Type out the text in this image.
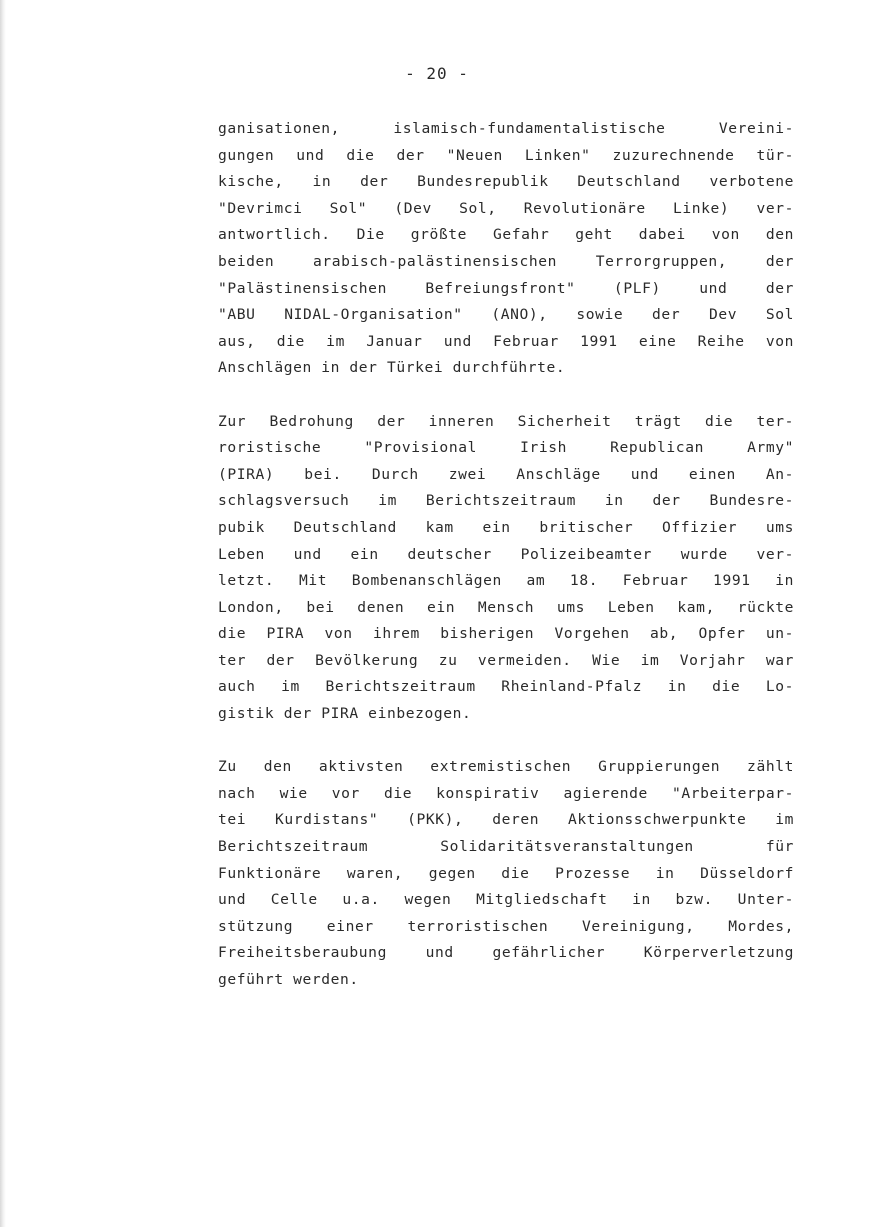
- 20 -
ganisationen, islamisch-fundamentalistische Vereini-
gungen und die der "Neuen Linken" zuzurechnende tür-
kische, in der Bundesrepublik Deutschland verbotene
"Devrimci Sol" (Dev Sol, Revolutionäre Linke) ver-
antwortlich. Die größte Gefahr geht dabei von den
beiden arabisch-palästinensischen Terrorgruppen, der
"Palästinensischen Befreiungsfront" (PLF) und der
"ABU NIDAL-Organisation" (ANO), sowie der Dev Sol
aus, die im Januar und Februar 1991 eine Reihe von
Anschlägen in der Türkei durchführte.
Zur Bedrohung der inneren Sicherheit trägt die ter-
roristische "Provisional Irish Republican Army"
(PIRA) bei. Durch zwei Anschläge und einen An-
schlagsversuch im Berichtszeitraum in der Bundesre-
pubik Deutschland kam ein britischer Offizier ums
Leben und ein deutscher Polizeibeamter wurde ver-
letzt. Mit Bombenanschlägen am 18. Februar 1991 in
London, bei denen ein Mensch ums Leben kam, rückte
die PIRA von ihrem bisherigen Vorgehen ab, Opfer un-
ter der Bevölkerung zu vermeiden. Wie im Vorjahr war
auch im Berichtszeitraum Rheinland-Pfalz in die Lo-
gistik der PIRA einbezogen.
Zu den aktivsten extremistischen Gruppierungen zählt
nach wie vor die konspirativ agierende "Arbeiterpar-
tei Kurdistans" (PKK), deren Aktionsschwerpunkte im
Berichtszeitraum Solidaritätsveranstaltungen für
Funktionäre waren, gegen die Prozesse in Düsseldorf
und Celle u.a. wegen Mitgliedschaft in bzw. Unter-
stützung einer terroristischen Vereinigung, Mordes,
Freiheitsberaubung und gefährlicher Körperverletzung
geführt werden.
